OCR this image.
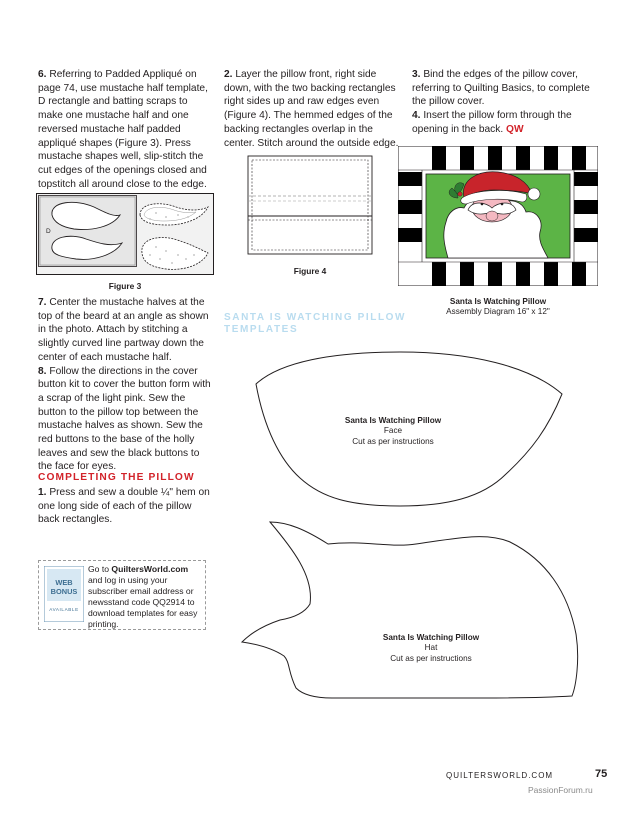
6. Referring to Padded Appliqué on page 74, use mustache half template, D rectangle and batting scraps to make one mustache half and one reversed mustache half padded appliqué shapes (Figure 3). Press mustache shapes well, slip-stitch the cut edges of the openings closed and topstitch all around close to the edge.

D
Figure 3

7. Center the mustache halves at the top of the beard at an angle as shown in the photo. Attach by stitching a slightly curved line partway down the center of each mustache half.

8. Follow the directions in the cover button kit to cover the button form with a scrap of the light pink. Sew the button to the pillow top between the mustache halves as shown. Sew the red buttons to the base of the holly leaves and sew the black buttons to the face for eyes.

COMPLETING THE PILLOW

1. Press and sew a double ¼" hem on one long side of each of the pillow back rectangles.

2. Layer the pillow front, right side down, with the two backing rectangles right sides up and raw edges even (Figure 4). The hemmed edges of the backing rectangles overlap in the center. Stitch around the outside edge.

Figure 4
SANTA IS WATCHING PILLOW
TEMPLATES

3. Bind the edges of the pillow cover, referring to Quilting Basics, to complete the pillow cover.

4. Insert the pillow form through the opening in the back. QW

Santa Is Watching Pillow
Assembly Diagram 16" x 12"
Santa Is Watching Pillow
Face
Cut as per instructions
Santa Is Watching Pillow
Hat
Cut as per instructions
WEB
BONUS
AVAILABLE
Go to QuiltersWorld.com and log in using your subscriber email address or newsstand code QQ2914 to download templates for easy printing.
QUILTERSWORLD.COM	75
PassionForum.ru
